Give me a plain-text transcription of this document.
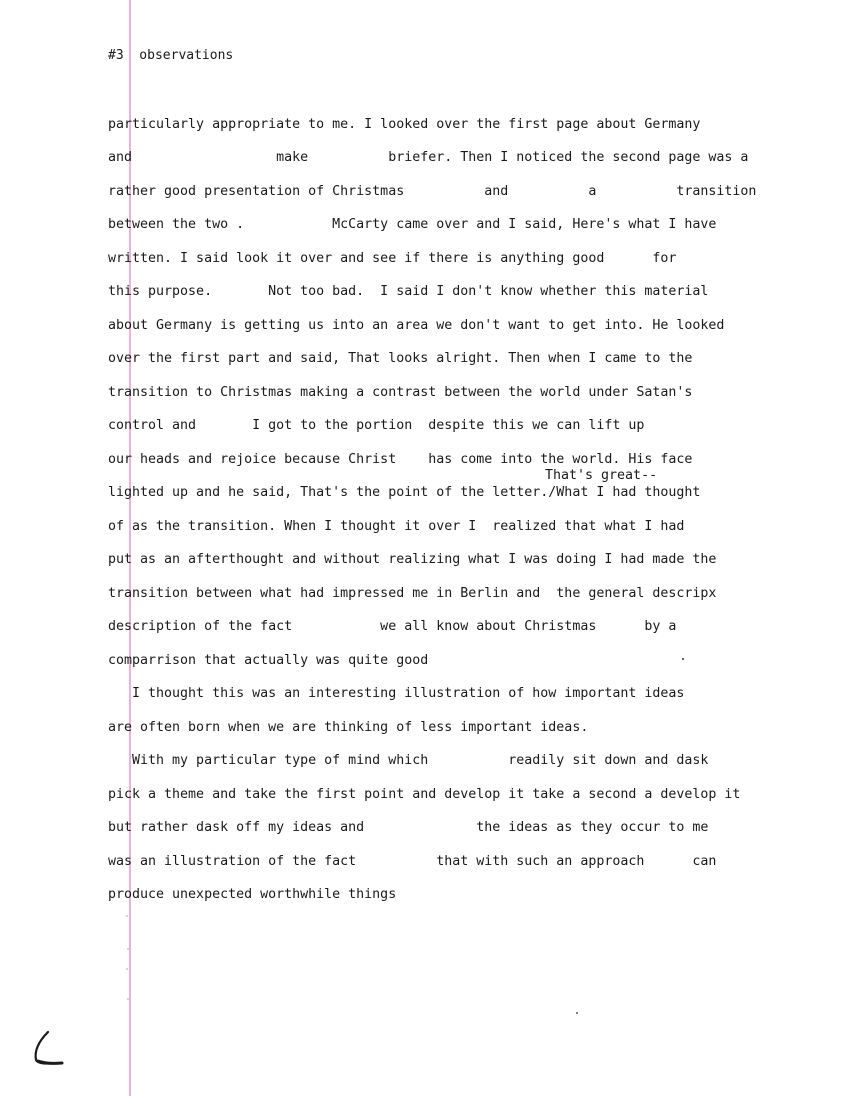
#3  observations
particularly appropriate to me. I looked over the first page about Germany
and                  make          briefer. Then I noticed the second page was a
rather good presentation of Christmas          and          a          transition
between the two .           McCarty came over and I said, Here's what I have
written. I said look it over and see if there is anything good      for
this purpose.       Not too bad.  I said I don't know whether this material
about Germany is getting us into an area we don't want to get into. He looked
over the first part and said, That looks alright. Then when I came to the
transition to Christmas making a contrast between the world under Satan's
control and       I got to the portion  despite this we can lift up
our heads and rejoice because Christ    has come into the world. His face
That's great--
lighted up and he said, That's the point of the letter./What I had thought
of as the transition. When I thought it over I  realized that what I had
put as an afterthought and without realizing what I was doing I had made the
transition between what had impressed me in Berlin and  the general descripx
description of the fact           we all know about Christmas      by a
comparrison that actually was quite good
I thought this was an interesting illustration of how important ideas
are often born when we are thinking of less important ideas.
With my particular type of mind which          readily sit down and dask
pick a theme and take the first point and develop it take a second a develop it
but rather dask off my ideas and              the ideas as they occur to me
was an illustration of the fact          that with such an approach      can
produce unexpected worthwhile things
